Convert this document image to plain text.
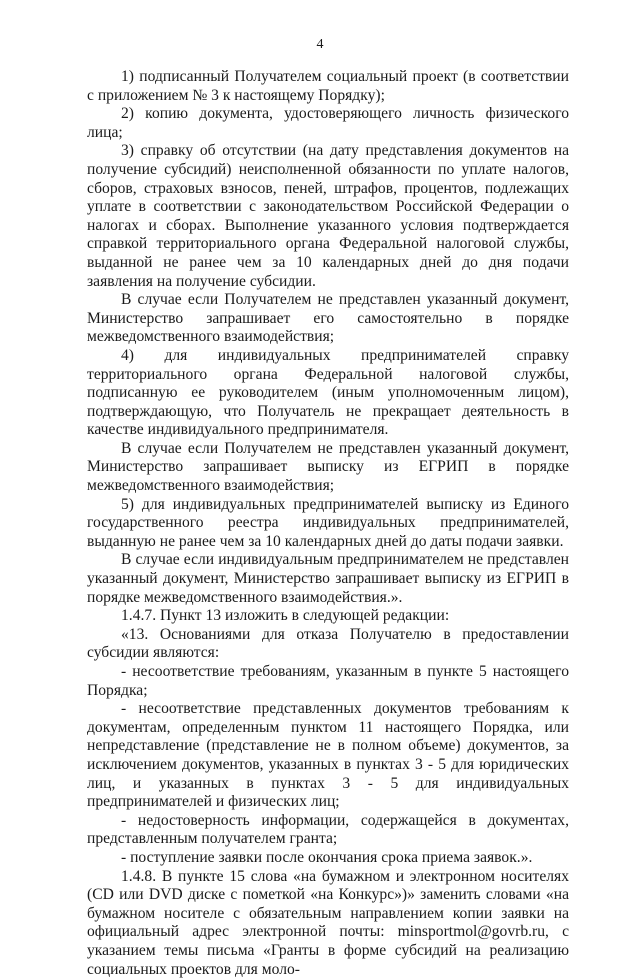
4

1) подписанный Получателем социальный проект (в соответствии с приложением № 3 к настоящему Порядку);

2) копию документа, удостоверяющего личность физического лица;

3) справку об отсутствии (на дату представления документов на получение субсидий) неисполненной обязанности по уплате налогов, сборов, страховых взносов, пеней, штрафов, процентов, подлежащих уплате в соответствии с законодательством Российской Федерации о налогах и сборах. Выполнение указанного условия подтверждается справкой территориального органа Федеральной налоговой службы, выданной не ранее чем за 10 календарных дней до дня подачи заявления на получение субсидии.

В случае если Получателем не представлен указанный документ, Министерство запрашивает его самостоятельно в порядке межведомственного взаимодействия;

4) для индивидуальных предпринимателей справку территориального органа Федеральной налоговой службы, подписанную ее руководителем (иным уполномоченным лицом), подтверждающую, что Получатель не прекращает деятельность в качестве индивидуального предпринимателя.

В случае если Получателем не представлен указанный документ, Министерство запрашивает выписку из ЕГРИП в порядке межведомственного взаимодействия;

5) для индивидуальных предпринимателей выписку из Единого государственного реестра индивидуальных предпринимателей, выданную не ранее чем за 10 календарных дней до даты подачи заявки.

В случае если индивидуальным предпринимателем не представлен указанный документ, Министерство запрашивает выписку из ЕГРИП в порядке межведомственного взаимодействия.».

1.4.7. Пункт 13 изложить в следующей редакции:

«13. Основаниями для отказа Получателю в предоставлении субсидии являются:

- несоответствие требованиям, указанным в пункте 5 настоящего Порядка;

- несоответствие представленных документов требованиям к документам, определенным пунктом 11 настоящего Порядка, или непредставление (представление не в полном объеме) документов, за исключением документов, указанных в пунктах 3 - 5 для юридических лиц, и указанных в пунктах 3 - 5 для индивидуальных предпринимателей и физических лиц;

- недостоверность информации, содержащейся в документах, представленным получателем гранта;

- поступление заявки после окончания срока приема заявок.».

1.4.8. В пункте 15 слова «на бумажном и электронном носителях (CD или DVD диске с пометкой «на Конкурс»)» заменить словами «на бумажном носителе с обязательным направлением копии заявки на официальный адрес электронной почты: minsportmol@govrb.ru, с указанием темы письма «Гранты в форме субсидий на реализацию социальных проектов для моло-
